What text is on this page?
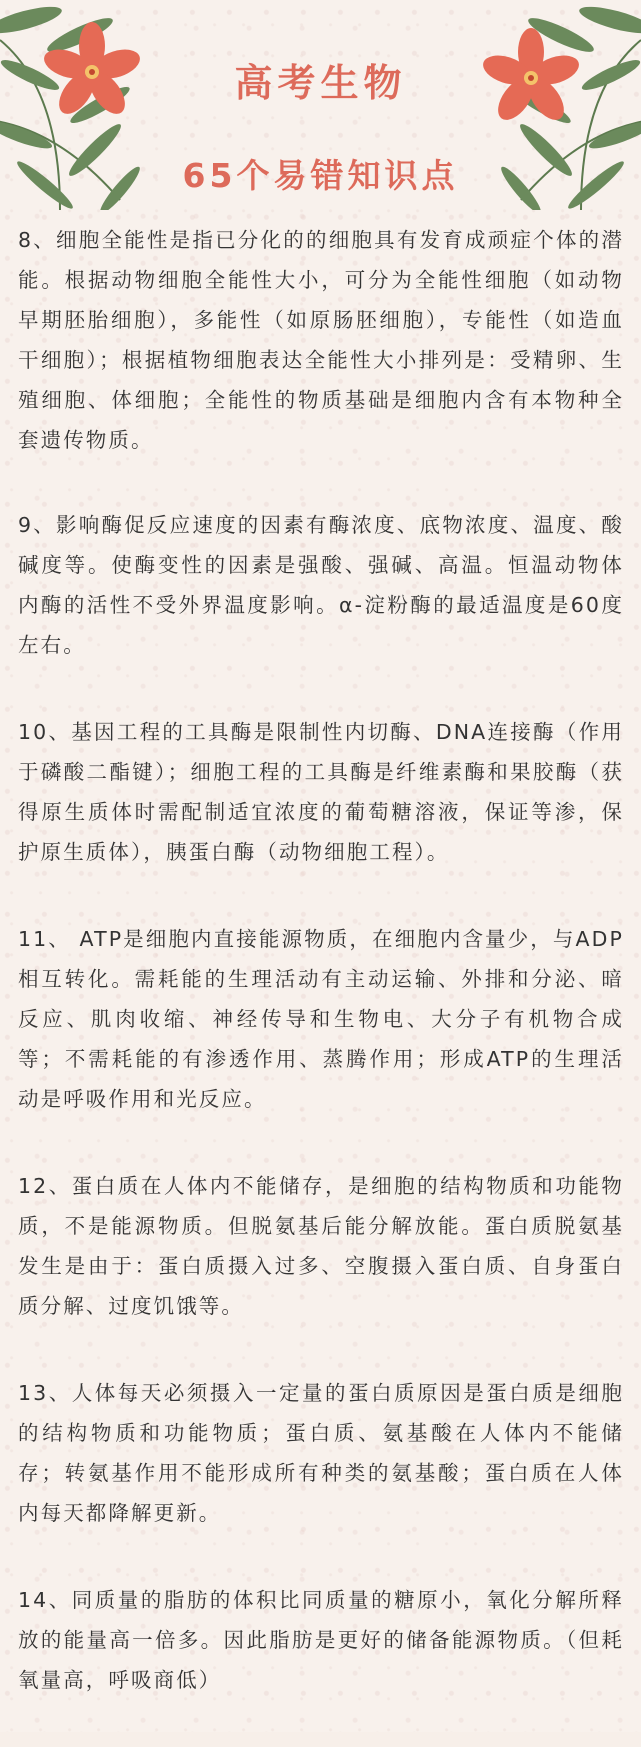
高考生物
65个易错知识点

8、细胞全能性是指已分化的的细胞具有发育成顽症个体的潜能。根据动物细胞全能性大小，可分为全能性细胞（如动物早期胚胎细胞），多能性（如原肠胚细胞），专能性（如造血干细胞）；根据植物细胞表达全能性大小排列是：受精卵、生殖细胞、体细胞；全能性的物质基础是细胞内含有本物种全套遗传物质。

9、影响酶促反应速度的因素有酶浓度、底物浓度、温度、酸碱度等。使酶变性的因素是强酸、强碱、高温。恒温动物体内酶的活性不受外界温度影响。α-淀粉酶的最适温度是60度左右。

10、基因工程的工具酶是限制性内切酶、DNA连接酶（作用于磷酸二酯键）；细胞工程的工具酶是纤维素酶和果胶酶（获得原生质体时需配制适宜浓度的葡萄糖溶液，保证等渗，保护原生质体），胰蛋白酶（动物细胞工程）。

11、 ATP是细胞内直接能源物质，在细胞内含量少，与ADP相互转化。需耗能的生理活动有主动运输、外排和分泌、暗反应、肌肉收缩、神经传导和生物电、大分子有机物合成等；不需耗能的有渗透作用、蒸腾作用；形成ATP的生理活动是呼吸作用和光反应。

12、蛋白质在人体内不能储存，是细胞的结构物质和功能物质，不是能源物质。但脱氨基后能分解放能。蛋白质脱氨基发生是由于：蛋白质摄入过多、空腹摄入蛋白质、自身蛋白质分解、过度饥饿等。

13、人体每天必须摄入一定量的蛋白质原因是蛋白质是细胞的结构物质和功能物质；蛋白质、氨基酸在人体内不能储存；转氨基作用不能形成所有种类的氨基酸；蛋白质在人体内每天都降解更新。

14、同质量的脂肪的体积比同质量的糖原小，氧化分解所释放的能量高一倍多。因此脂肪是更好的储备能源物质。（但耗氧量高，呼吸商低）
